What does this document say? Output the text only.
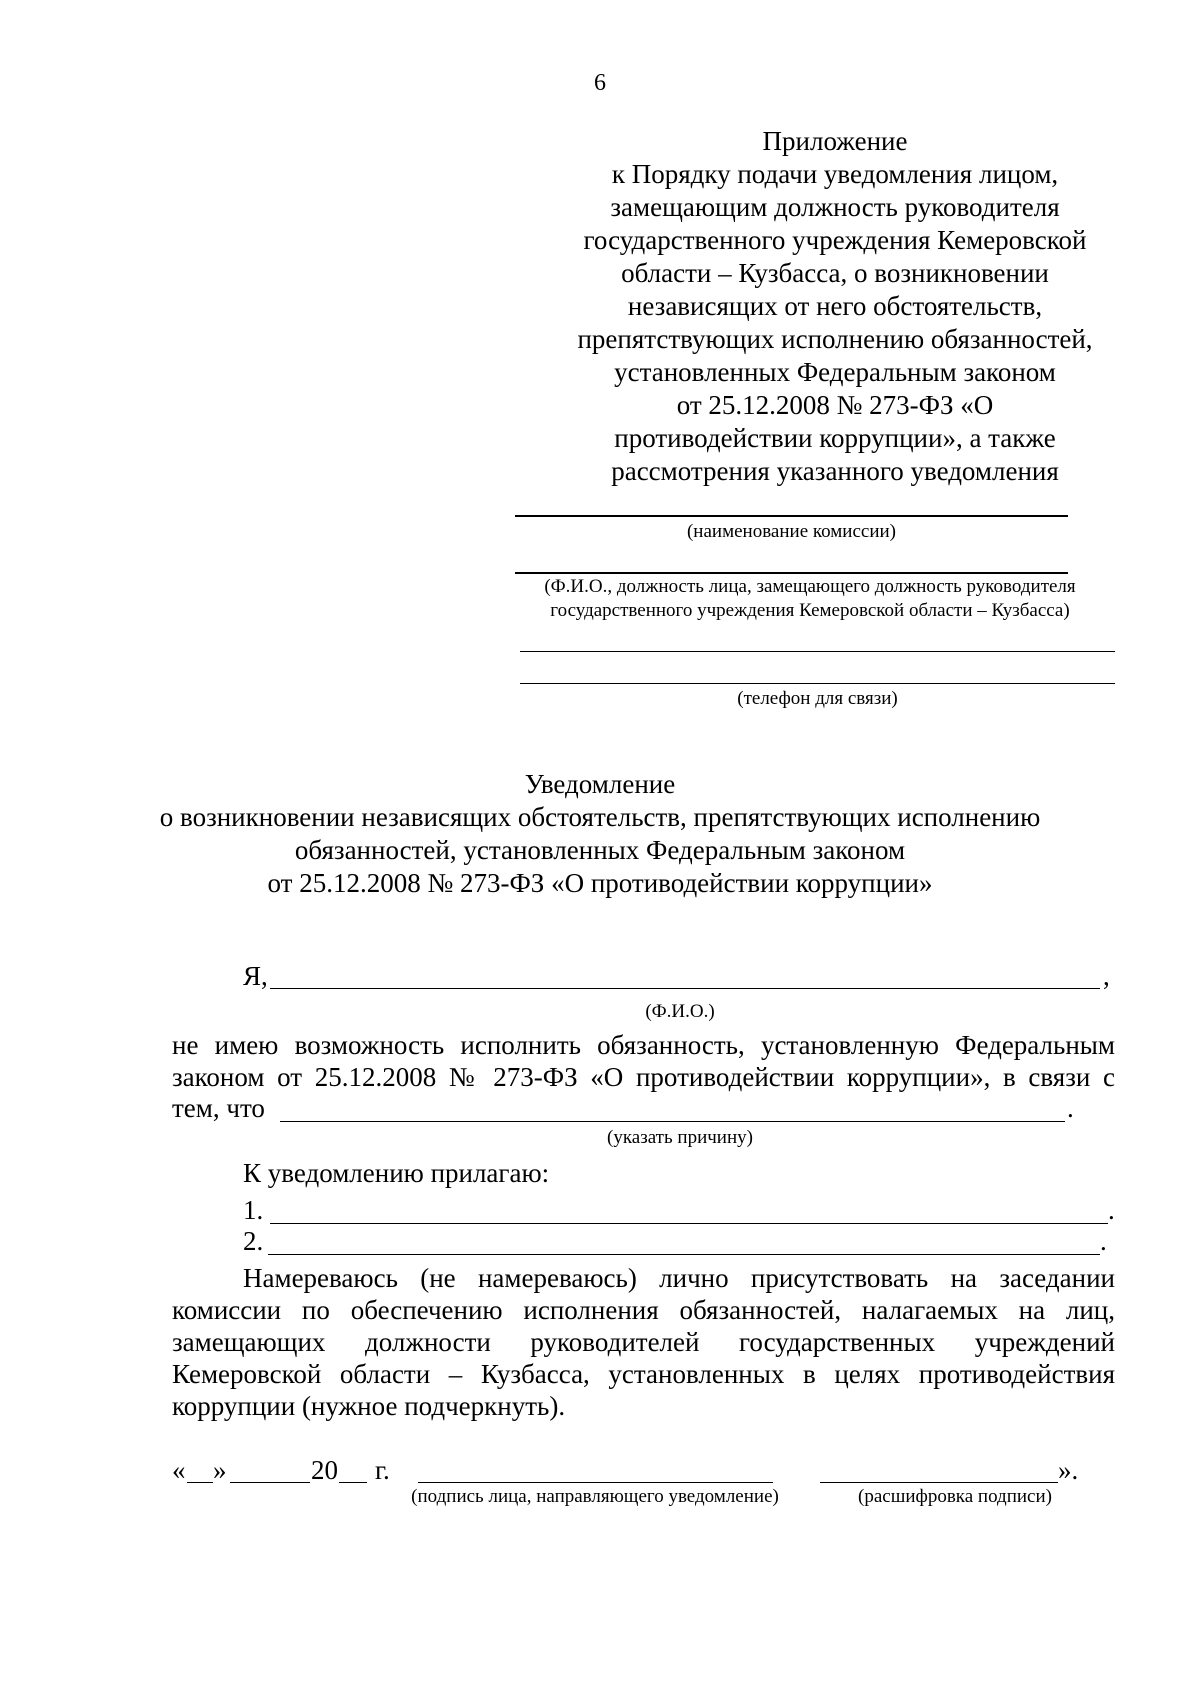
6
Приложение
к Порядку подачи уведомления лицом,
замещающим должность руководителя
государственного учреждения Кемеровской
области – Кузбасса, о возникновении
независящих от него обстоятельств,
препятствующих исполнению обязанностей,
установленных Федеральным законом
от 25.12.2008 № 273-ФЗ «О
противодействии коррупции», а также
рассмотрения указанного уведомления
(наименование комиссии)
(Ф.И.О., должность лица, замещающего должность руководителя
государственного учреждения Кемеровской области – Кузбасса)
(телефон для связи)
Уведомление
о возникновении независящих обстоятельств, препятствующих исполнению
обязанностей, установленных Федеральным законом
от 25.12.2008 № 273-ФЗ «О противодействии коррупции»
Я,	,
(Ф.И.О.)
не имею возможность исполнить обязанность, установленную Федеральным
законом от 25.12.2008 № 273-ФЗ «О противодействии коррупции», в связи с
тем, что	.
(указать причину)
К уведомлению прилагаю:
1.	.
2.	.
Намереваюсь (не намереваюсь) лично присутствовать на заседании
комиссии по обеспечению исполнения обязанностей, налагаемых на лиц,
замещающих должности руководителей государственных учреждений
Кемеровской области – Кузбасса, установленных в целях противодействия
коррупции (нужное подчеркнуть).
« »	20 г.	».
(подпись лица, направляющего уведомление)	(расшифровка подписи)
